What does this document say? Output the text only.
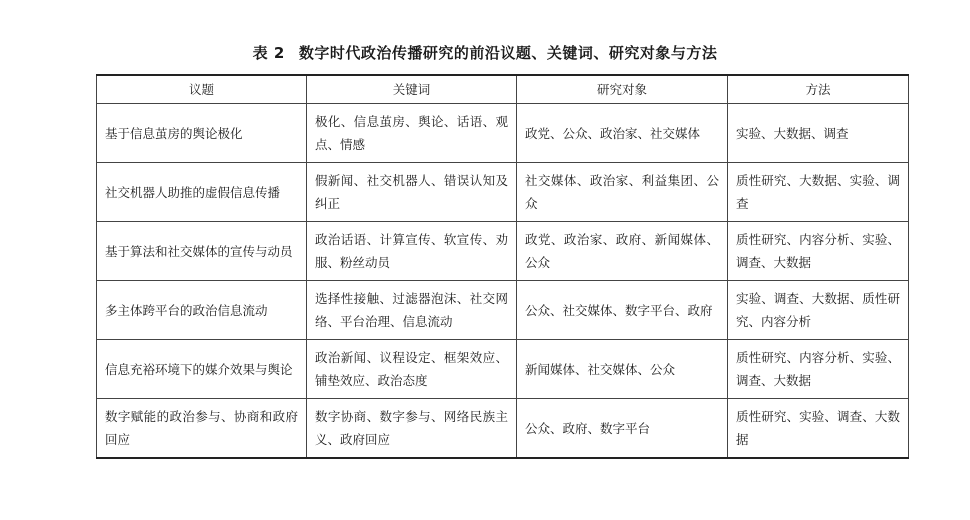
表 2 数字时代政治传播研究的前沿议题、关键词、研究对象与方法
议题	关键词	研究对象	方法
基于信息茧房的舆论极化	极化、信息茧房、舆论、话语、观点、情感	政党、公众、政治家、社交媒体	实验、大数据、调查
社交机器人助推的虚假信息传播	假新闻、社交机器人、错误认知及纠正	社交媒体、政治家、利益集团、公众	质性研究、大数据、实验、调查
基于算法和社交媒体的宣传与动员	政治话语、计算宣传、软宣传、劝服、粉丝动员	政党、政治家、政府、新闻媒体、公众	质性研究、内容分析、实验、调查、大数据
多主体跨平台的政治信息流动	选择性接触、过滤器泡沫、社交网络、平台治理、信息流动	公众、社交媒体、数字平台、政府	实验、调查、大数据、质性研究、内容分析
信息充裕环境下的媒介效果与舆论	政治新闻、议程设定、框架效应、铺垫效应、政治态度	新闻媒体、社交媒体、公众	质性研究、内容分析、实验、调查、大数据
数字赋能的政治参与、协商和政府回应	数字协商、数字参与、网络民族主义、政府回应	公众、政府、数字平台	质性研究、实验、调查、大数据
